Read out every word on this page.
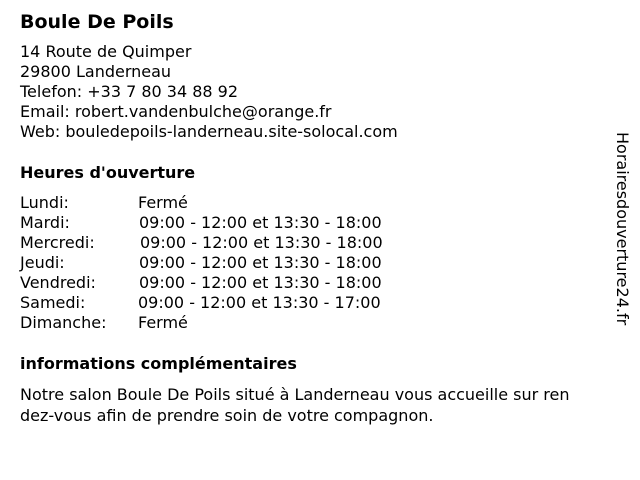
Boule De Poils
14 Route de Quimper
29800 Landerneau
Telefon: +33 7 80 34 88 92
Email: robert.vandenbulche@orange.fr
Web: bouledepoils-landerneau.site-solocal.com
Heures d'ouverture
Lundi:	Fermé
Mardi:	09:00 - 12:00 et 13:30 - 18:00
Mercredi:	09:00 - 12:00 et 13:30 - 18:00
Jeudi:	09:00 - 12:00 et 13:30 - 18:00
Vendredi:	09:00 - 12:00 et 13:30 - 18:00
Samedi:	09:00 - 12:00 et 13:30 - 17:00
Dimanche:	Fermé
informations complémentaires
Notre salon Boule De Poils situé à Landerneau vous accueille sur ren
dez-vous afin de prendre soin de votre compagnon.
Horairesdouverture24.fr
